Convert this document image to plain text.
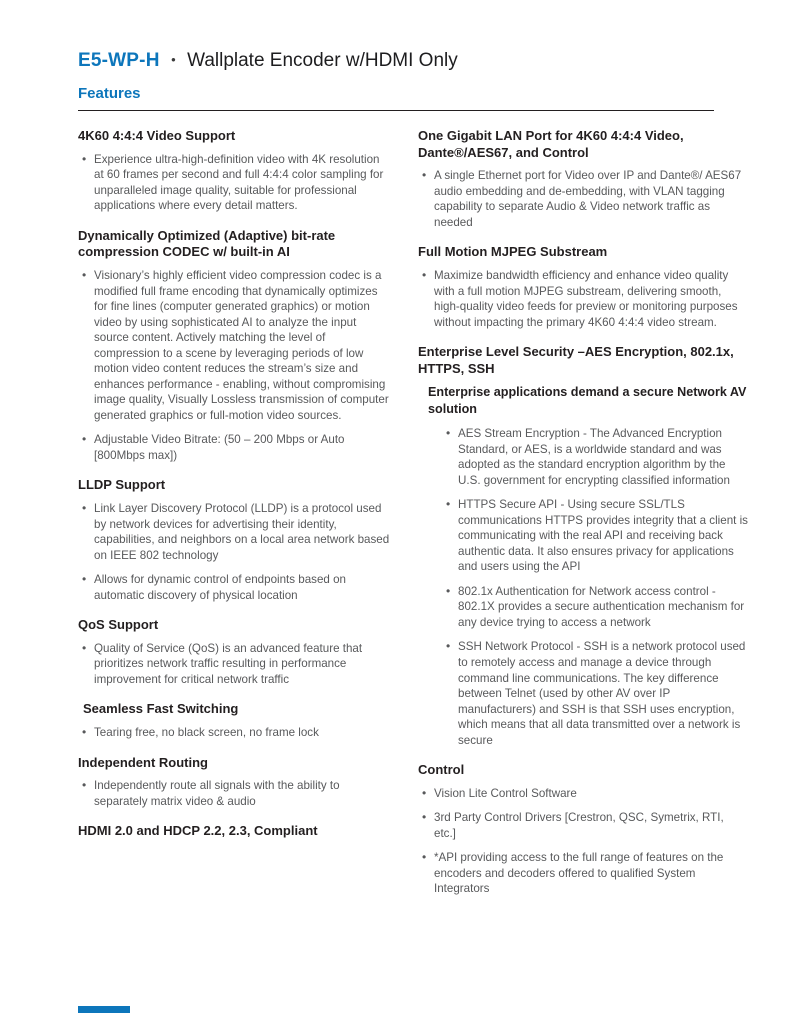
E5-WP-H • Wallplate Encoder w/HDMI Only
Features
4K60 4:4:4 Video Support
• Experience ultra-high-definition video with 4K resolution at 60 frames per second and full 4:4:4 color sampling for unparalleled image quality, suitable for professional applications where every detail matters.
Dynamically Optimized (Adaptive) bit-rate compression CODEC w/ built-in AI
• Visionary’s highly efficient video compression codec is a modified full frame encoding that dynamically optimizes for fine lines (computer generated graphics) or motion video by using sophisticated AI to analyze the input source content. Actively matching the level of compression to a scene by leveraging periods of low motion video content reduces the stream’s size and enhances performance - enabling, without compromising image quality, Visually Lossless transmission of computer generated graphics or full-motion video sources.
• Adjustable Video Bitrate: (50 – 200 Mbps or Auto [800Mbps max])
LLDP Support
• Link Layer Discovery Protocol (LLDP) is a protocol used by network devices for advertising their identity, capabilities, and neighbors on a local area network based on IEEE 802 technology
• Allows for dynamic control of endpoints based on automatic discovery of physical location
QoS Support
• Quality of Service (QoS) is an advanced feature that prioritizes network traffic resulting in performance improvement for critical network traffic
Seamless Fast Switching
• Tearing free, no black screen, no frame lock
Independent Routing
• Independently route all signals with the ability to separately matrix video & audio
HDMI 2.0 and HDCP 2.2, 2.3, Compliant
One Gigabit LAN Port for 4K60 4:4:4 Video, Dante®/AES67, and Control
• A single Ethernet port for Video over IP and Dante®/ AES67 audio embedding and de-embedding, with VLAN tagging capability to separate Audio & Video network traffic as needed
Full Motion MJPEG Substream
• Maximize bandwidth efficiency and enhance video quality with a full motion MJPEG substream, delivering smooth, high-quality video feeds for preview or monitoring purposes without impacting the primary 4K60 4:4:4 video stream.
Enterprise Level Security –AES Encryption, 802.1x, HTTPS, SSH
Enterprise applications demand a secure Network AV solution
• AES Stream Encryption - The Advanced Encryption Standard, or AES, is a worldwide standard and was adopted as the standard encryption algorithm by the U.S. government for encrypting classified information
• HTTPS Secure API - Using secure SSL/TLS communications HTTPS provides integrity that a client is communicating with the real API and receiving back authentic data. It also ensures privacy for applications and users using the API
• 802.1x Authentication for Network access control - 802.1X provides a secure authentication mechanism for any device trying to access a network
• SSH Network Protocol - SSH is a network protocol used to remotely access and manage a device through command line communications. The key difference between Telnet (used by other AV over IP manufacturers) and SSH is that SSH uses encryption, which means that all data transmitted over a network is secure
Control
• Vision Lite Control Software
• 3rd Party Control Drivers [Crestron, QSC, Symetrix, RTI, etc.]
• *API providing access to the full range of features on the encoders and decoders offered to qualified System Integrators
